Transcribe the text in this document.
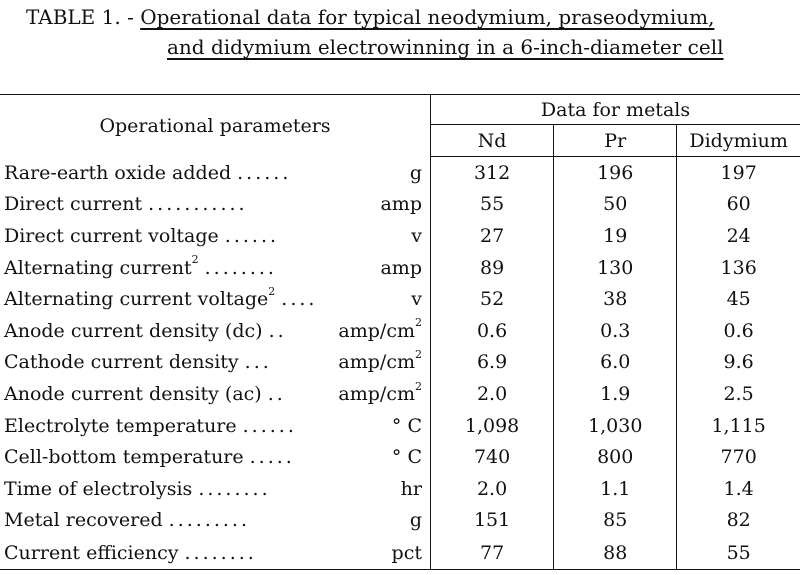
TABLE 1. - Operational data for typical neodymium, praseodymium,
and didymium electrowinning in a 6-inch-diameter cell
Operational parameters	Data for metals		
	Nd	Pr	Didymium
Rare-earth oxide added ...... g	312	196	197
Direct current ........... amp	55	50	60
Direct current voltage ...... v	27	19	24
Alternating current$^2$ ........ amp	89	130	136
Alternating current voltage$^2$ .... v	52	38	45
Anode current density (dc) .. amp/$cm^2$	0.6	0.3	0.6
Cathode current density ... amp/$cm^2$	6.9	6.0	9.6
Anode current density (ac) .. amp/$cm^2$	2.0	1.9	2.5
Electrolyte temperature ...... ° C	1,098	1,030	1,115
Cell-bottom temperature ..... ° C	740	800	770
Time of electrolysis ........ hr	2.0	1.1	1.4
Metal recovered ......... g	151	85	82
Current efficiency ........ pct	77	88	55
